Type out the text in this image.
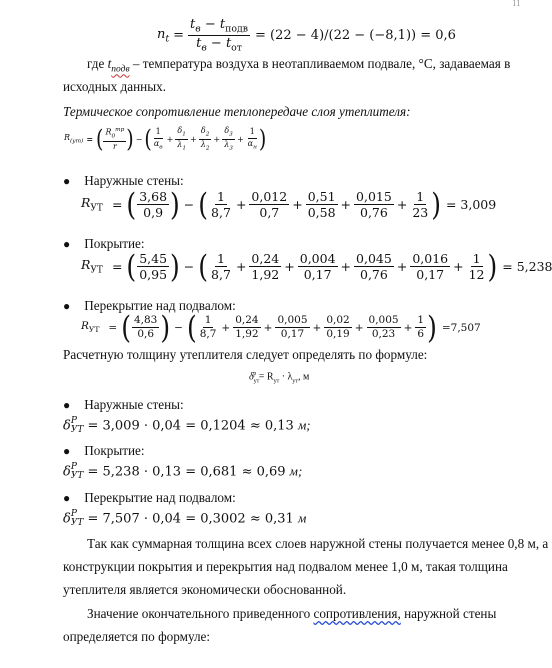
11
$n_t = \frac{t_в - t_{подв}}{t_в - t_{от}} = (22 - 4)/(22 - (-8,1)) = 0,6$
где $t_{подв}$ – температура воздуха в неотапливаемом подвале, °С, задаваемая в
исходных данных.
Термическое сопротивление теплопередаче слоя утеплителя:
$R_{(ут)}$ = ( $\frac{R_0^{тр}}{r}$ ) − ( $\frac{1}{\alpha_в} + \frac{\delta_1}{\lambda_1} + \frac{\delta_2}{\lambda_2} + \frac{\delta_3}{\lambda_3} + \frac{1}{\alpha_н}$ )
● Наружные стены:
$R_{УТ}$ = ( $\frac{3,68}{0,9}$ ) − ( $\frac{1}{8,7} + \frac{0,012}{0,7} + \frac{0,51}{0,58} + \frac{0,015}{0,76} + \frac{1}{23}$ ) = 3,009
● Покрытие:
$R_{УТ}$ = ( $\frac{5,45}{0,95}$ ) − ( $\frac{1}{8,7} + \frac{0,24}{1,92} + \frac{0,004}{0,17} + \frac{0,045}{0,76} + \frac{0,016}{0,17} + \frac{1}{12}$ ) = 5,238
● Перекрытие над подвалом:
$R_{УТ}$ = ( $\frac{4,83}{0,6}$ ) − ( $\frac{1}{8,7} + \frac{0,24}{1,92} + \frac{0,005}{0,17} + \frac{0,02}{0,19} + \frac{0,005}{0,23} + \frac{1}{6}$ ) =7,507
Расчетную толщину утеплителя следует определять по формуле:
$\delta_{ут}^р = R_{ут} \cdot \lambda_{ут}$, м
● Наружные стены:
δ Р
УТ = 3,009 · 0,04 = 0,1204 ≈ 0,13 м;
● Покрытие:
δ Р
УТ = 5,238 · 0,13 = 0,681 ≈ 0,69 м;
● Перекрытие над подвалом:
δ Р
УТ = 7,507 · 0,04 = 0,3002 ≈ 0,31 м
Так как суммарная толщина всех слоев наружной стены получается менее 0,8 м, а
конструкции покрытия и перекрытия над подвалом менее 1,0 м, такая толщина
утеплителя является экономически обоснованной.
Значение окончательного приведенного сопротивления, наружной стены
определяется по формуле:
